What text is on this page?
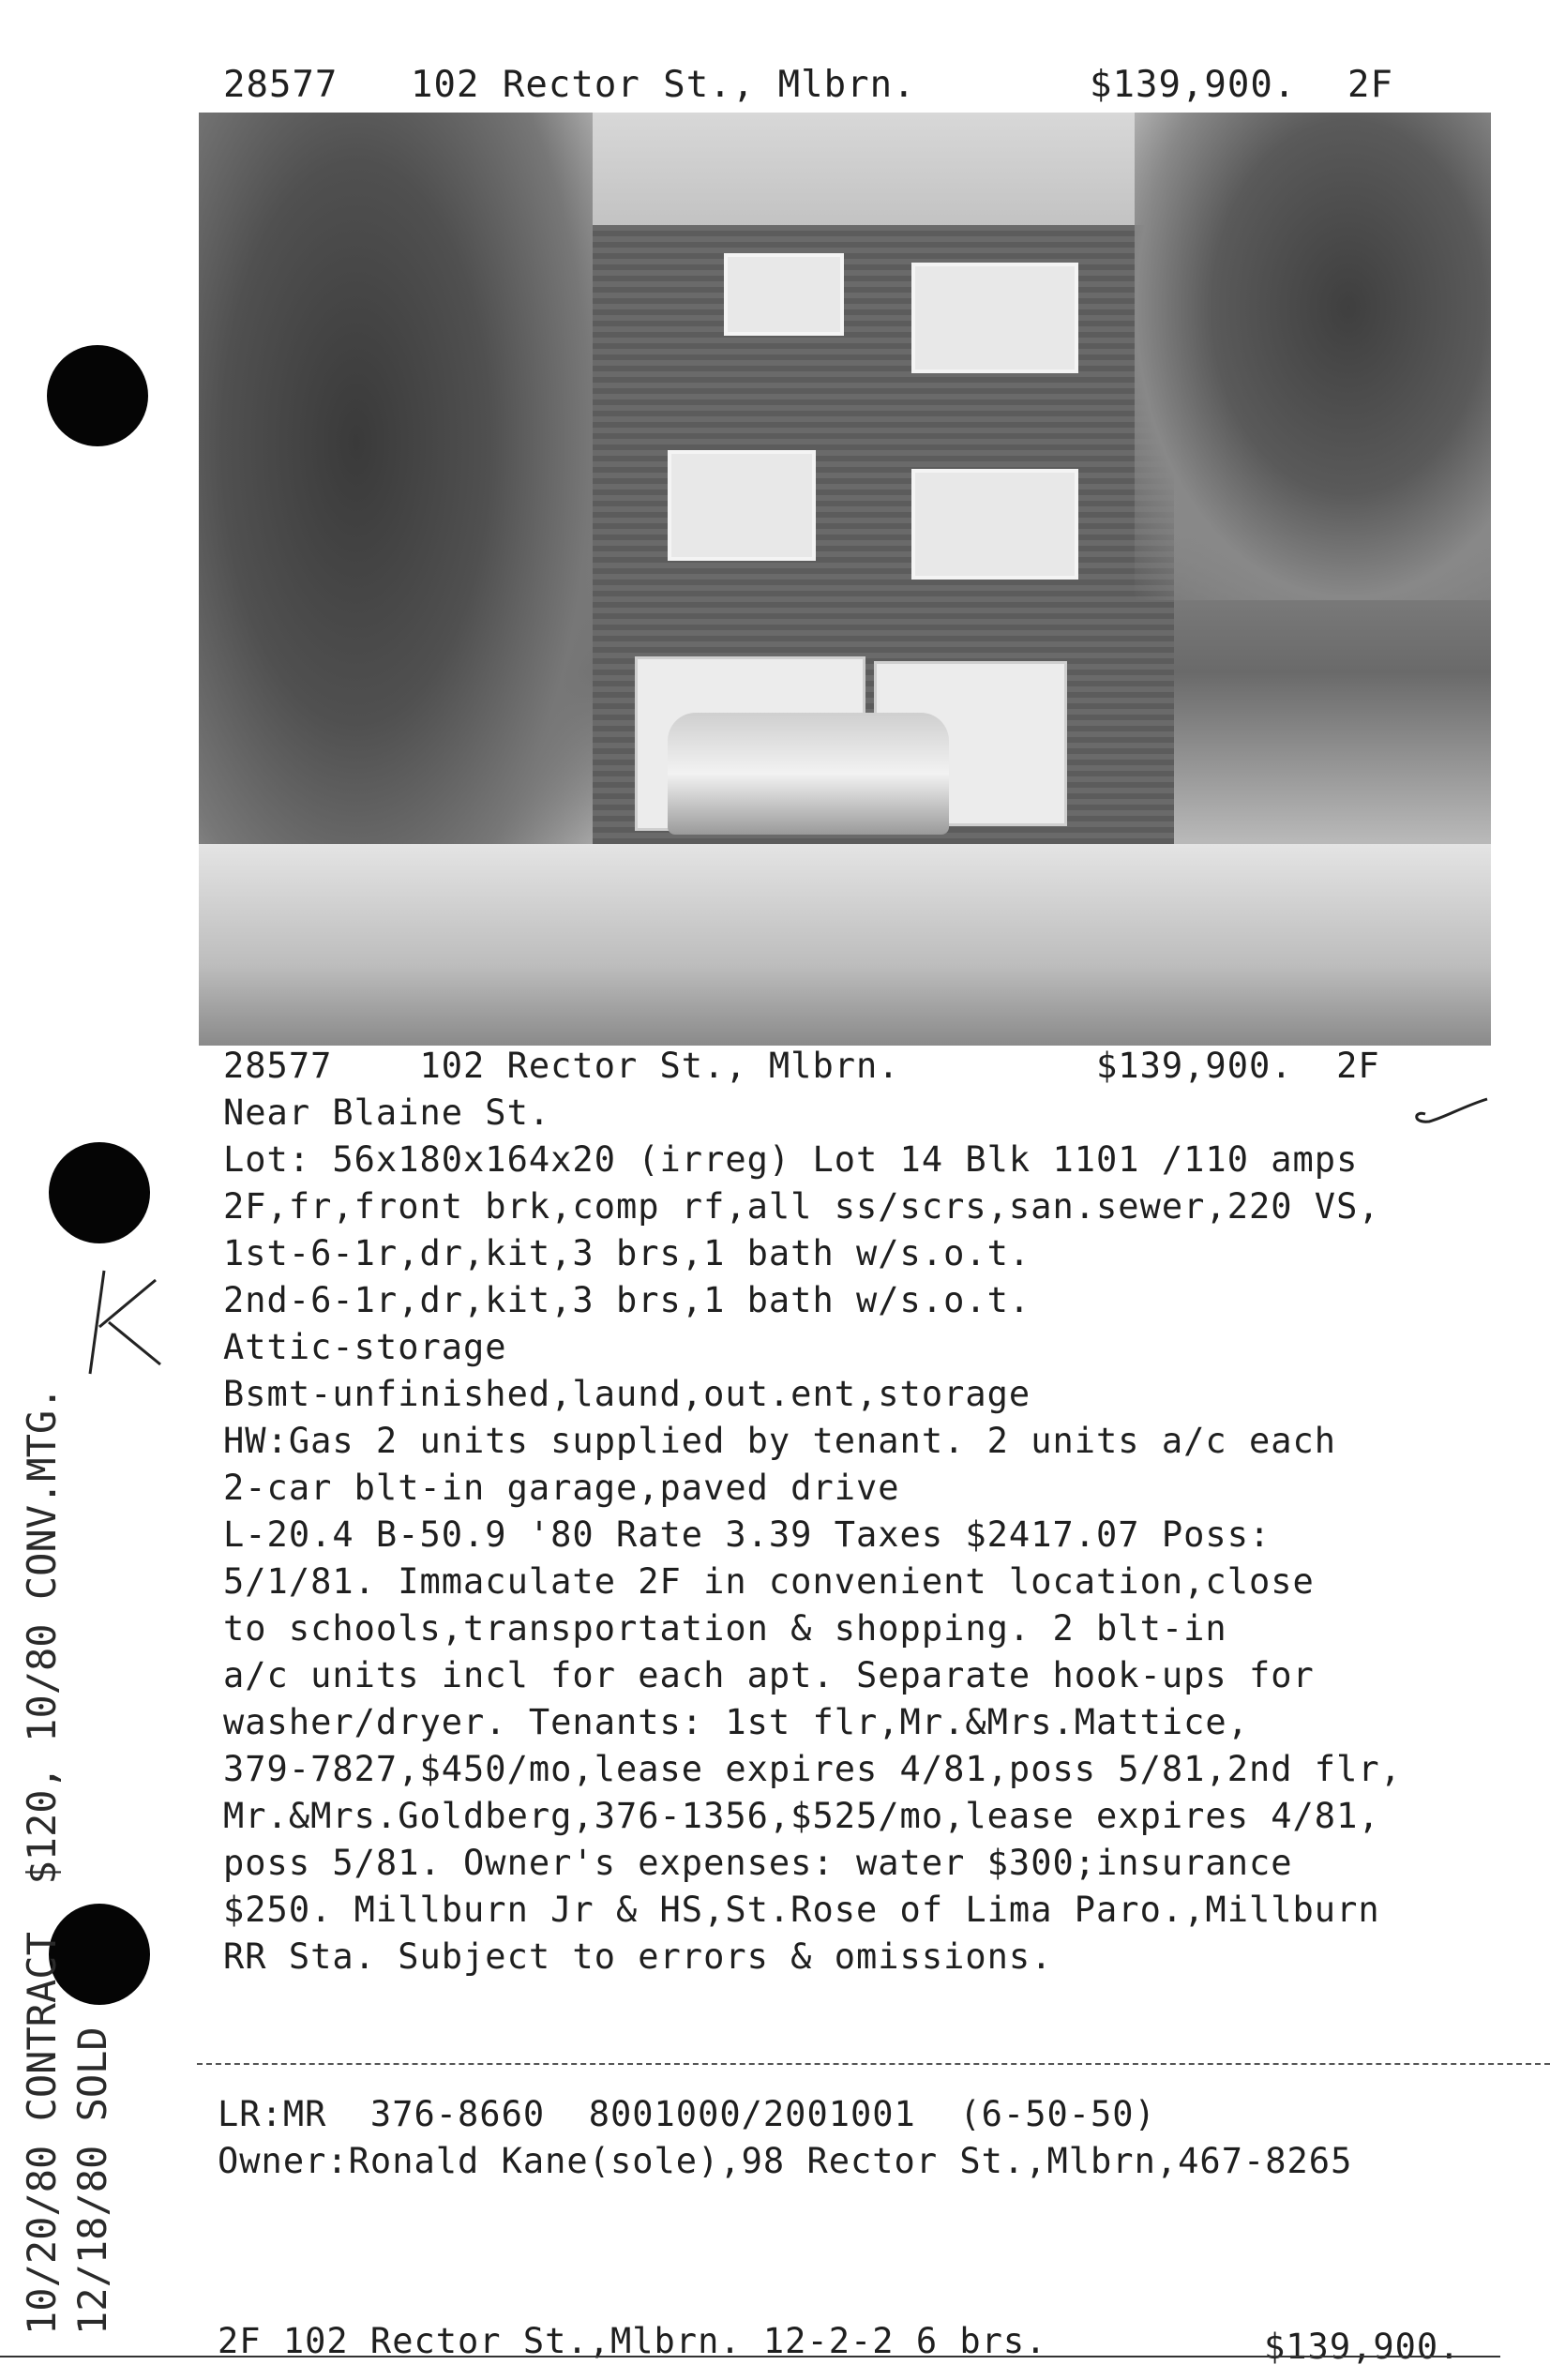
28577 102 Rector St., Mlbrn.	$139,900. 2F
28577    102 Rector St., Mlbrn.         $139,900.  2F
Near Blaine St.
Lot: 56x180x164x20 (irreg) Lot 14 Blk 1101 /110 amps
2F,fr,front brk,comp rf,all ss/scrs,san.sewer,220 VS,
1st-6-1r,dr,kit,3 brs,1 bath w/s.o.t.
2nd-6-1r,dr,kit,3 brs,1 bath w/s.o.t.
Attic-storage
Bsmt-unfinished,laund,out.ent,storage
HW:Gas 2 units supplied by tenant. 2 units a/c each
2-car blt-in garage,paved drive
L-20.4 B-50.9 '80 Rate 3.39 Taxes $2417.07 Poss:
5/1/81. Immaculate 2F in convenient location,close
to schools,transportation & shopping. 2 blt-in
a/c units incl for each apt. Separate hook-ups for
washer/dryer. Tenants: 1st flr,Mr.&Mrs.Mattice,
379-7827,$450/mo,lease expires 4/81,poss 5/81,2nd flr,
Mr.&Mrs.Goldberg,376-1356,$525/mo,lease expires 4/81,
poss 5/81. Owner's expenses: water $300;insurance
$250. Millburn Jr & HS,St.Rose of Lima Paro.,Millburn
RR Sta. Subject to errors & omissions.
LR:MR  376-8660  8001000/2001001  (6-50-50)
Owner:Ronald Kane(sole),98 Rector St.,Mlbrn,467-8265
2F 102 Rector St.,Mlbrn. 12-2-2 6 brs.	$139,900.
10/20/80 CONTRACT  $120, 10/80 CONV.MTG. 12/18/80 SOLD
